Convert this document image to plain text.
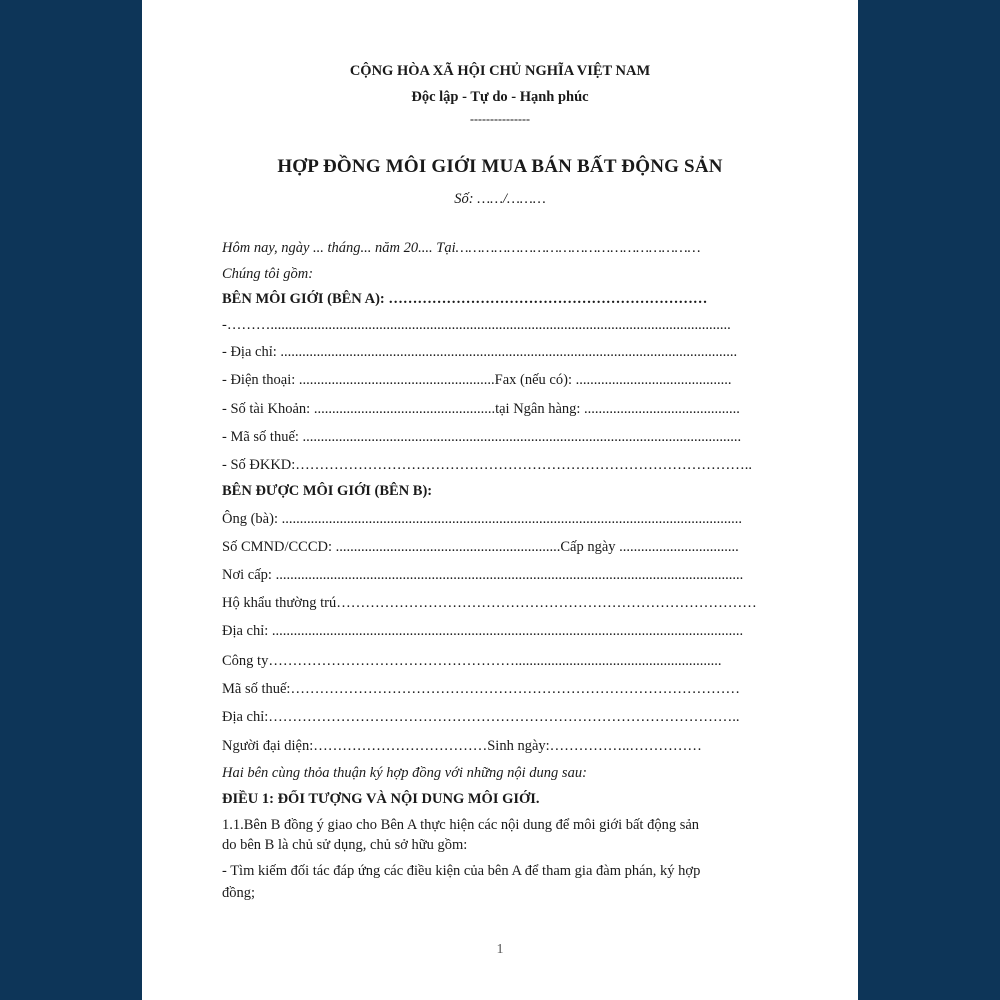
CỘNG HÒA XÃ HỘI CHỦ NGHĨA VIỆT NAM
Độc lập - Tự do - Hạnh phúc
---------------
HỢP ĐỒNG MÔI GIỚI MUA BÁN BẤT ĐỘNG SẢN
Số: ……/………
Hôm nay, ngày ... tháng... năm 20.... Tại…………………………………………………
Chúng tôi gồm:
BÊN MÔI GIỚI (BÊN A): …………………………………………………………
-………...............................................................................................................................
- Địa chỉ: ..............................................................................................................................
- Điện thoại: ......................................................Fax (nếu có): ...........................................
- Số tài Khoản: ..................................................tại Ngân hàng: ...........................................
- Mã số thuế: .........................................................................................................................
- Số ĐKKD:…………………………………………………………………………………..
BÊN ĐƯỢC MÔI GIỚI (BÊN B):
Ông (bà): ...............................................................................................................................
Số CMND/CCCD: ..............................................................Cấp ngày .................................
Nơi cấp: .................................................................................................................................
Hộ khẩu thường trú……………………………………………………………………………
Địa chỉ: ..................................................................................................................................
Công ty…………………………………………….........................................................
Mã số thuế:…………………………………………………………………………………
Địa chỉ:……………………………………………………………………………………..
Người đại diện:………………………………Sinh ngày:……………..……………
Hai bên cùng thỏa thuận ký hợp đồng với những nội dung sau:
ĐIỀU 1: ĐỐI TƯỢNG VÀ NỘI DUNG MÔI GIỚI.
1.1.Bên B đồng ý giao cho Bên A thực hiện các nội dung để môi giới bất động sản
do bên B là chủ sử dụng, chủ sở hữu gồm:
- Tìm kiếm đối tác đáp ứng các điều kiện của bên A để tham gia đàm phán, ký hợp
đồng;
1
